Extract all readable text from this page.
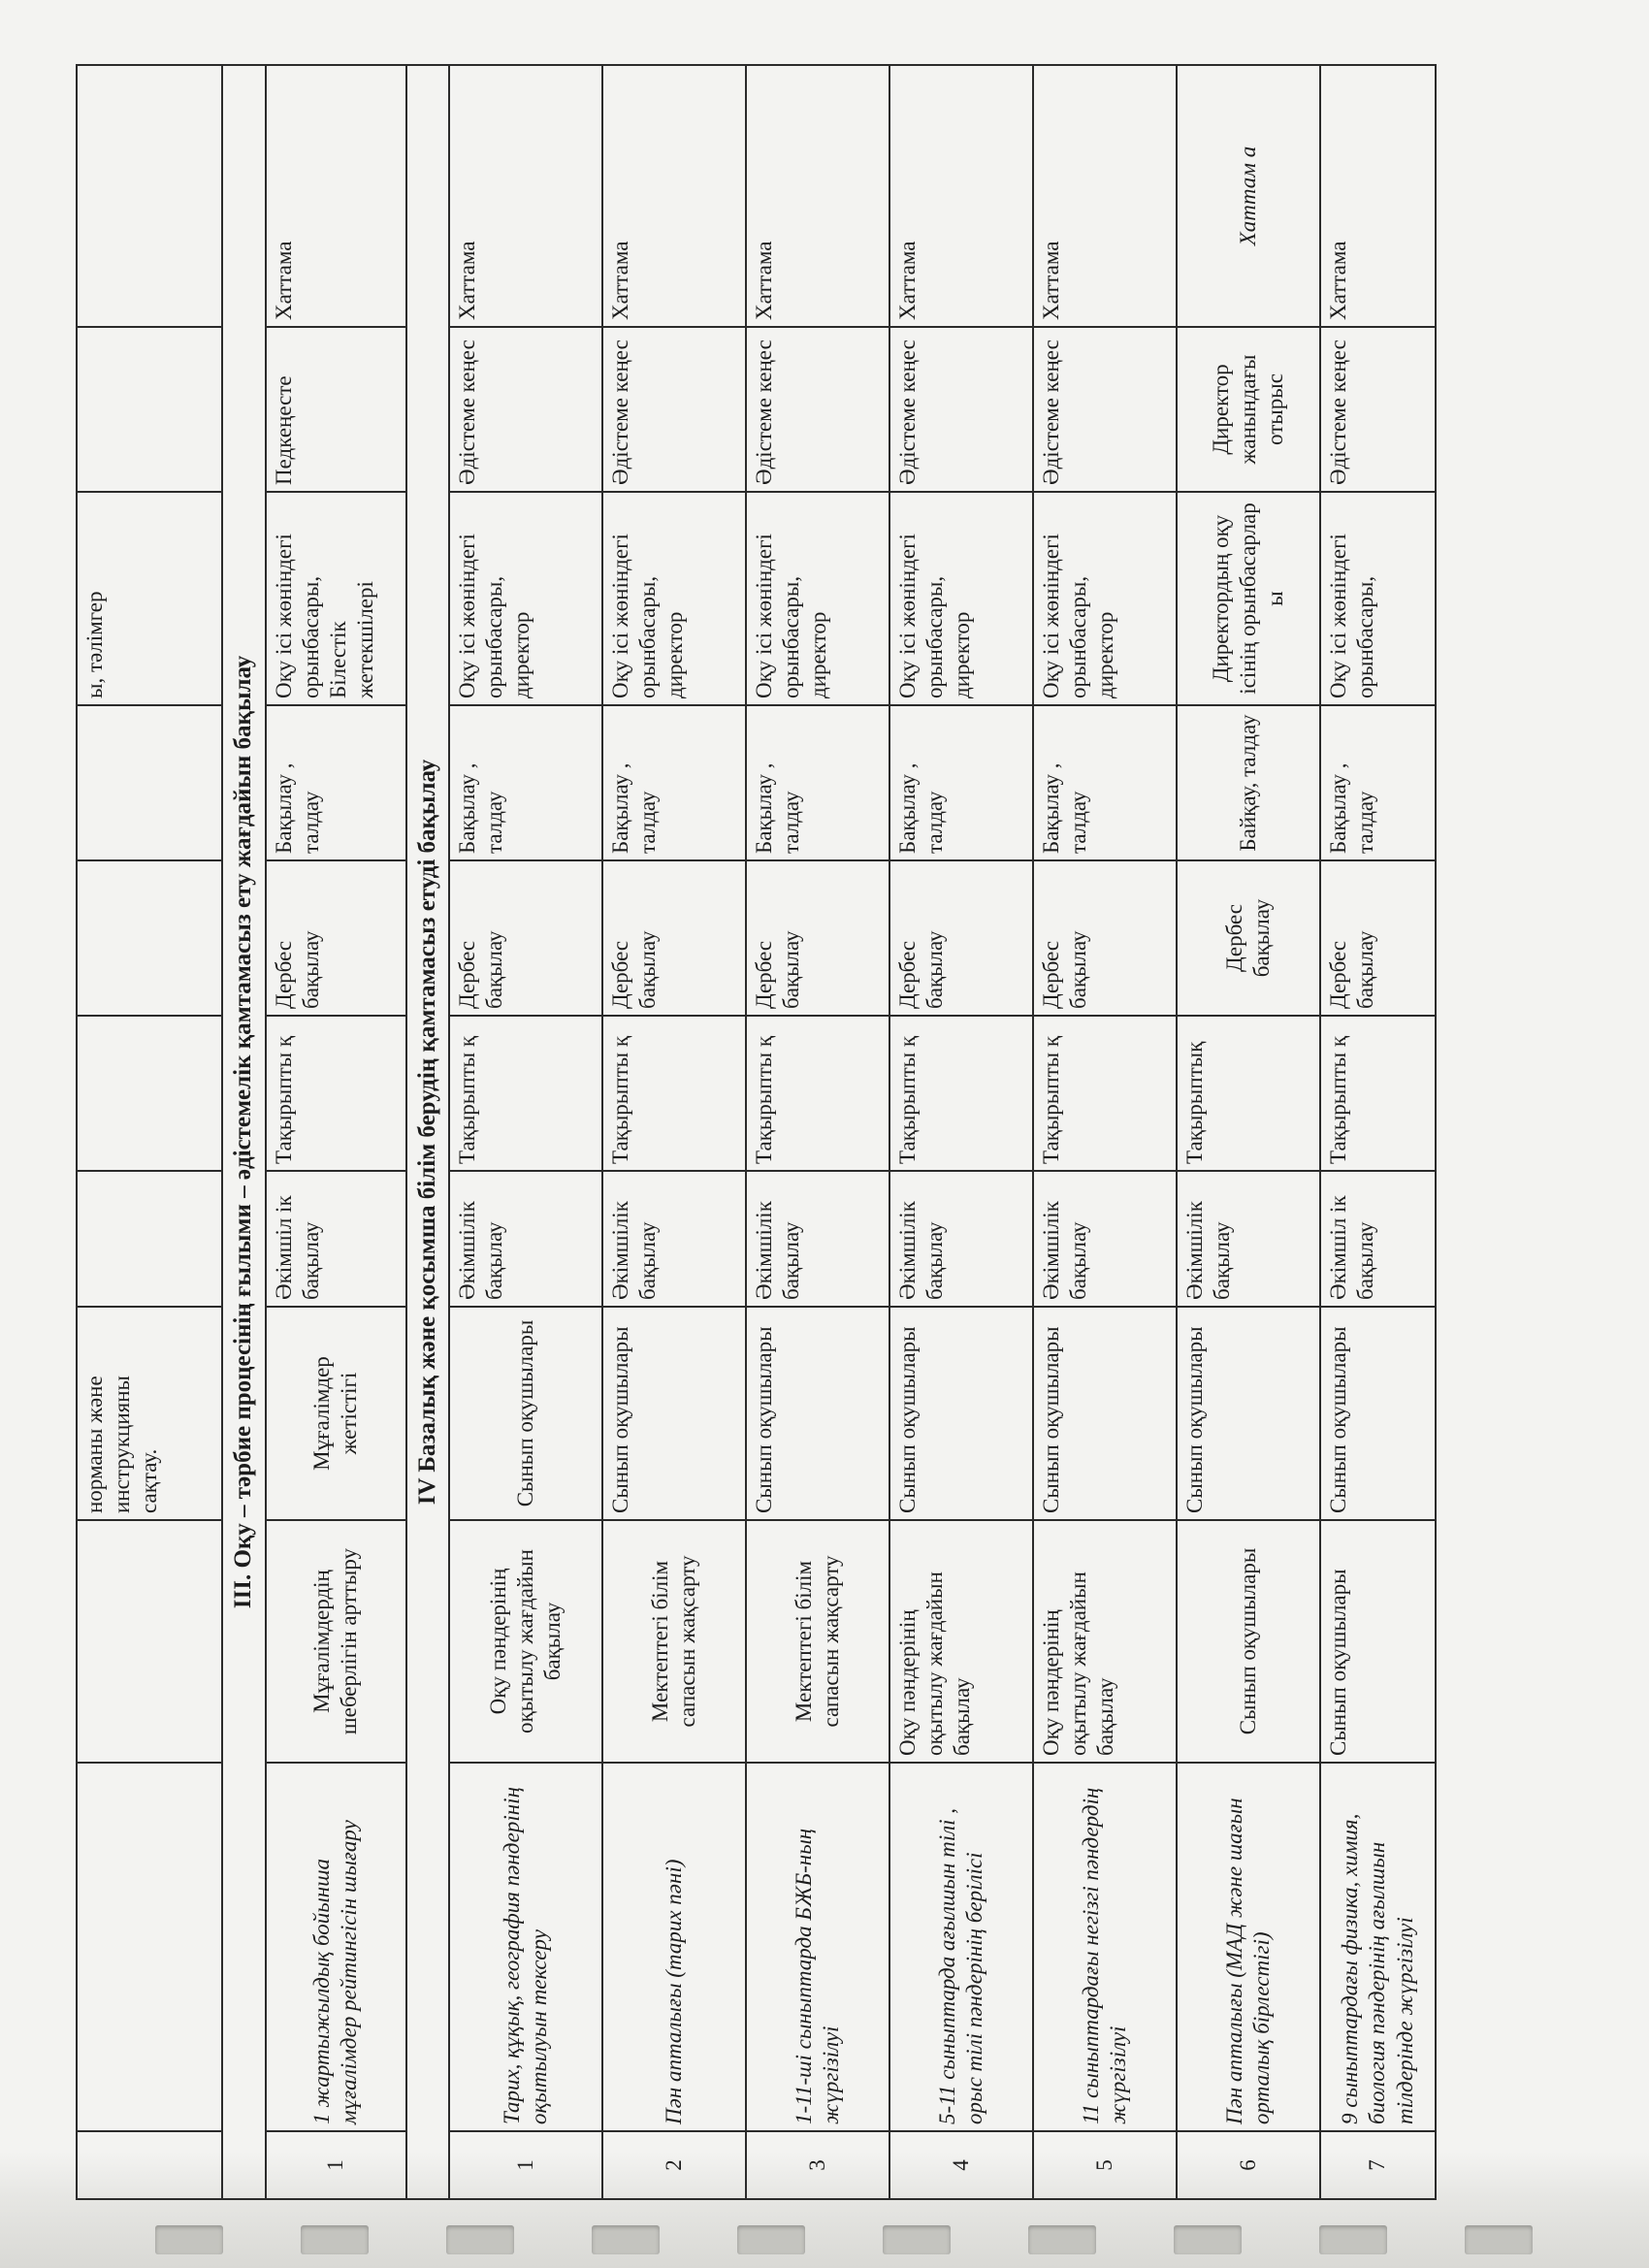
			норманы және инструкцияны сақтау.					ы, тәлімгер		
ІІІ. Оқу – тәрбие процесінің ғылыми – әдістемелік қамтамасыз ету жағдайын бақылау										
1	1 жартыжылдық бойынша мұғалімдер рейтингісін шығару	Мұғалімдердің шеберлігін арттыру	Мұғалімдер жетістігі	Әкімшіл ік бақылау	Тақырыпты қ	Дербес бақылау	Бақылау , талдау	Оқу ісі жөніндегі орынбасары, Білестік жетекшілері	Педкеңесте	Хаттама
ІV Базалық және қосымша білім берудің қамтамасыз етуді бақылау										
1	Тарих, құқық, география пәндерінің оқытылуын тексеру	Оқу пәндерінің оқытылу жағдайын бақылау	Сынып оқушылары	Әкімшілік бақылау	Тақырыпты қ	Дербес бақылау	Бақылау , талдау	Оқу ісі жөніндегі орынбасары, директор	Әдістеме кеңес	Хаттама
2	Пән апталығы (тарих пәні)	Мектептегі білім сапасын жақсарту	Сынып оқушылары	Әкімшілік бақылау	Тақырыпты қ	Дербес бақылау	Бақылау , талдау	Оқу ісі жөніндегі орынбасары, директор	Әдістеме кеңес	Хаттама
3	1-11-ші сыныптарда БЖБ-ның жүргізілуі	Мектептегі білім сапасын жақсарту	Сынып оқушылары	Әкімшілік бақылау	Тақырыпты қ	Дербес бақылау	Бақылау , талдау	Оқу ісі жөніндегі орынбасары, директор	Әдістеме кеңес	Хаттама
4	5-11 сыныптарда ағылшын тілі , орыс тілі пәндерінің берілісі	Оқу пәндерінің оқытылу жағдайын бақылау	Сынып оқушылары	Әкімшілік бақылау	Тақырыпты қ	Дербес бақылау	Бақылау , талдау	Оқу ісі жөніндегі орынбасары, директор	Әдістеме кеңес	Хаттама
5	11 сыныптардағы негізгі пәндердің жүргізілуі	Оқу пәндерінің оқытылу жағдайын бақылау	Сынып оқушылары	Әкімшілік бақылау	Тақырыпты қ	Дербес бақылау	Бақылау , талдау	Оқу ісі жөніндегі орынбасары, директор	Әдістеме кеңес	Хаттама
6	Пән апталығы (МАД және шағын орталық бірлестігі)	Сынып оқушылары	Сынып оқушылары	Әкімшілік бақылау	Тақырыптық	Дербес бақылау	Байқау, талдау	Директордың оқу ісінің орынбасарлар ы	Директор жанындағы отырыс	Хаттам а
7	9 сыныптардағы физика, химия, биология пәндерінің ағылшын тілдерінде жүргізілуі	Сынып оқушылары	Сынып оқушылары	Әкімшіл ік бақылау	Тақырыпты қ	Дербес бақылау	Бақылау , талдау	Оқу ісі жөніндегі орынбасары,	Әдістеме кеңес	Хаттама
